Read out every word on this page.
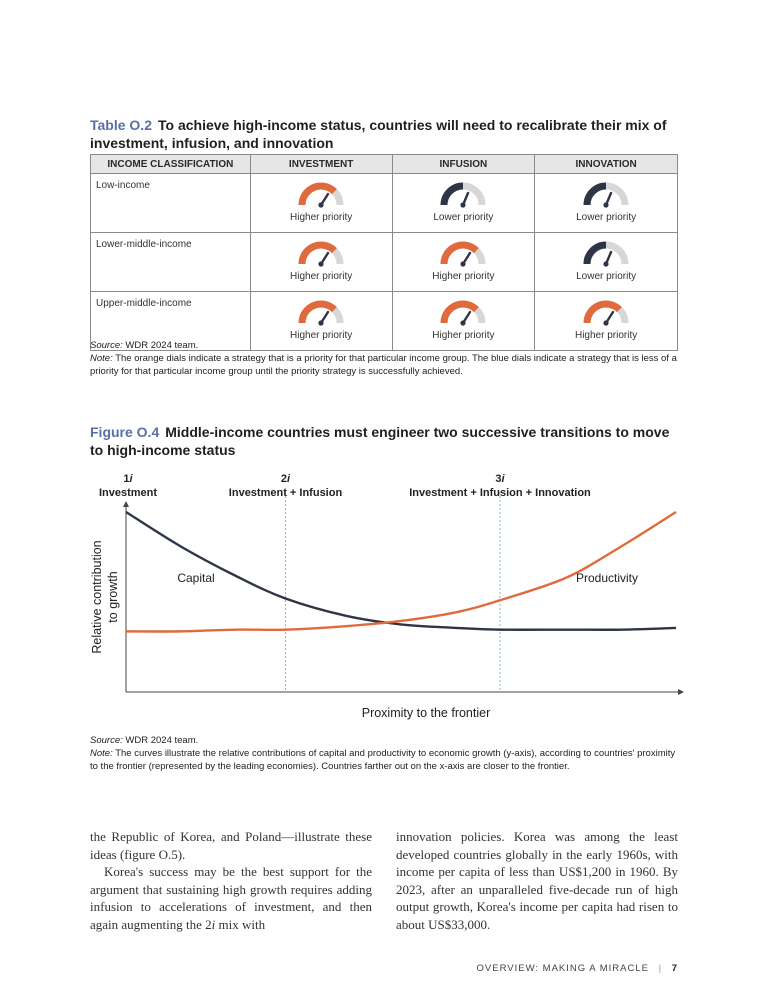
Table O.2 To achieve high-income status, countries will need to recalibrate their mix of investment, infusion, and innovation
INCOME CLASSIFICATION	INVESTMENT	INFUSION	INNOVATION
Low-income	Higher priority	Lower priority	Lower priority

Lower-middle-income	Higher priority	Higher priority	Lower priority

Upper-middle-income	Higher priority	Higher priority	Higher priority
Source: WDR 2024 team.
Note: The orange dials indicate a strategy that is a priority for that particular income group. The blue dials indicate a strategy that is less of a priority for that particular income group until the priority strategy is successfully achieved.
Figure O.4 Middle-income countries must engineer two successive transitions to move to high-income status
1i
Investment
2i
Investment + Infusion
3i
Investment + Infusion + Innovation
Capital	Productivity
Proximity to the frontier
Relative contribution to growth
Source: WDR 2024 team.
Note: The curves illustrate the relative contributions of capital and productivity to economic growth (y-axis), according to countries' proximity to the frontier (represented by the leading economies). Countries farther out on the x-axis are closer to the frontier.

the Republic of Korea, and Poland—illustrate these ideas (figure O.5).

Korea's success may be the best support for the argument that sustaining high growth requires adding infusion to accelerations of investment, and then again augmenting the 2i mix with

innovation policies. Korea was among the least developed countries globally in the early 1960s, with income per capita of less than US$1,200 in 1960. By 2023, after an unparalleled five-decade run of high output growth, Korea's income per capita had risen to about US$33,000.

OVERVIEW: MAKING A MIRACLE | 7
